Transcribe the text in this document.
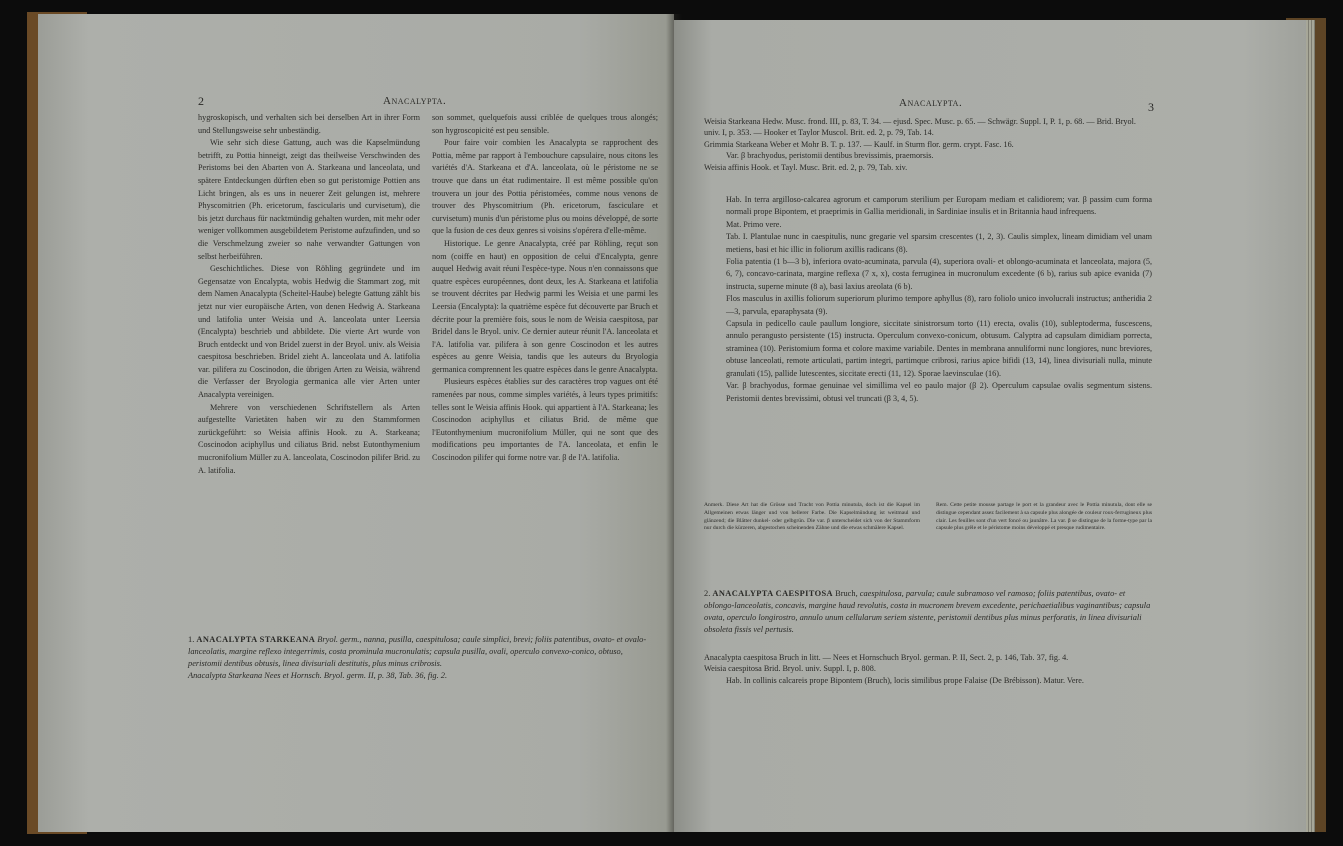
2	Anacalypta.

hygroskopisch, und verhalten sich bei derselben Art in ihrer Form und Stellungsweise sehr unbeständig.

Wie sehr sich diese Gattung, auch was die Kapselmündung betrifft, zu Pottia hinneigt, zeigt das theilweise Verschwinden des Peristoms bei den Abarten von A. Starkeana und lanceolata, und spätere Entdeckungen dürften eben so gut peristomige Pottien ans Licht bringen, als es uns in neuerer Zeit gelungen ist, mehrere Physcomitrien (Ph. ericetorum, fascicularis und curvisetum), die bis jetzt durchaus für nacktmündig gehalten wurden, mit mehr oder weniger vollkommen ausgebildetem Peristome aufzufinden, und so die Verschmelzung zweier so nahe verwandter Gattungen von selbst herbeiführen.

Geschichtliches. Diese von Röhling gegründete und im Gegensatze von Encalypta, wobis Hedwig die Stammart zog, mit dem Namen Anacalypta (Scheitel-Haube) belegte Gattung zählt bis jetzt nur vier europäische Arten, von denen Hedwig A. Starkeana und latifolia unter Weisia und A. lanceolata unter Leersia (Encalypta) beschrieb und abbildete. Die vierte Art wurde von Bruch entdeckt und von Bridel zuerst in der Bryol. univ. als Weisia caespitosa beschrieben. Bridel zieht A. lanceolata und A. latifolia var. pilifera zu Coscinodon, die übrigen Arten zu Weisia, während die Verfasser der Bryologia germanica alle vier Arten unter Anacalypta vereinigen.

Mehrere von verschiedenen Schriftstellern als Arten aufgestellte Varietäten haben wir zu den Stammformen zurückgeführt: so Weisia affinis Hook. zu A. Starkeana; Coscinodon aciphyllus und ciliatus Brid. nebst Eutonthymenium mucronifolium Müller zu A. lanceolata, Coscinodon pilifer Brid. zu A. latifolia.

son sommet, quelquefois aussi criblée de quelques trous alongés; son hygroscopicité est peu sensible.

Pour faire voir combien les Anacalypta se rapprochent des Pottia, même par rapport à l'embouchure capsulaire, nous citons les variétés d'A. Starkeana et d'A. lanceolata, où le péristome ne se trouve que dans un état rudimentaire. Il est même possible qu'on trouvera un jour des Pottia péristomées, comme nous venons de trouver des Physcomitrium (Ph. ericetorum, fasciculare et curvisetum) munis d'un péristome plus ou moins développé, de sorte que la fusion de ces deux genres si voisins s'opérera d'elle-même.

Historique. Le genre Anacalypta, créé par Röhling, reçut son nom (coiffe en haut) en opposition de celui d'Encalypta, genre auquel Hedwig avait réuni l'espèce-type. Nous n'en connaissons que quatre espèces européennes, dont deux, les A. Starkeana et latifolia se trouvent décrites par Hedwig parmi les Weisia et une parmi les Leersia (Encalypta): la quatrième espèce fut découverte par Bruch et décrite pour la première fois, sous le nom de Weisia caespitosa, par Bridel dans le Bryol. univ. Ce dernier auteur réunit l'A. lanceolata et l'A. latifolia var. pilifera à son genre Coscinodon et les autres espèces au genre Weisia, tandis que les auteurs du Bryologia germanica comprennent les quatre espèces dans le genre Anacalypta.

Plusieurs espèces établies sur des caractères trop vagues ont été ramenées par nous, comme simples variétés, à leurs types primitifs: telles sont le Weisia affinis Hook. qui appartient à l'A. Starkeana; les Coscinodon aciphyllus et ciliatus Brid. de même que l'Eutonthymenium mucronifolium Müller, qui ne sont que des modifications peu importantes de l'A. lanceolata, et enfin le Coscinodon pilifer qui forme notre var. β de l'A. latifolia.

1. ANACALYPTA STARKEANA Bryol. germ., nanna, pusilla, caespitulosa; caule simplici, brevi; foliis patentibus, ovato- et ovalo-lanceolatis, margine reflexo integerrimis, costa prominula mucronulatis; capsula pusilla, ovali, operculo convexo-conico, obtuso, peristomii dentibus obtusis, linea divisuriali destitutis, plus minus cribrosis.
Anacalypta Starkeana Nees et Hornsch. Bryol. germ. II, p. 38, Tab. 36, fig. 2.
Anacalypta.	3

Weisia Starkeana Hedw. Musc. frond. III, p. 83, T. 34. — ejusd. Spec. Musc. p. 65. — Schwägr. Suppl. I, P. 1, p. 68. — Brid. Bryol. univ. I, p. 353. — Hooker et Taylor Muscol. Brit. ed. 2, p. 79, Tab. 14.

Grimmia Starkeana Weber et Mohr B. T. p. 137. — Kaulf. in Sturm flor. germ. crypt. Fasc. 16.

Var. β brachyodus, peristomii dentibus brevissimis, praemorsis.

Weisia affinis Hook. et Tayl. Musc. Brit. ed. 2, p. 79, Tab. xiv.

Hab. In terra argilloso-calcarea agrorum et camporum sterilium per Europam mediam et calidiorem; var. β passim cum forma normali prope Bipontem, et praeprimis in Gallia meridionali, in Sardiniae insulis et in Britannia haud infrequens.

Mat. Primo vere.

Tab. I. Plantulae nunc in caespitulis, nunc gregarie vel sparsim crescentes (1, 2, 3). Caulis simplex, lineam dimidiam vel unam metiens, basi et hic illic in foliorum axillis radicans (8).

Folia patentia (1 b—3 b), inferiora ovato-acuminata, parvula (4), superiora ovali- et oblongo-acuminata et lanceolata, majora (5, 6, 7), concavo-carinata, margine reflexa (7 x, x), costa ferruginea in mucronulum excedente (6 b), rarius sub apice evanida (7) instructa, superne minute (8 a), basi laxius areolata (6 b).

Flos masculus in axillis foliorum superiorum plurimo tempore aphyllus (8), raro foliolo unico involucrali instructus; antheridia 2—3, parvula, eparaphysata (9).

Capsula in pedicello caule paullum longiore, siccitate sinistrorsum torto (11) erecta, ovalis (10), subleptoderma, fuscescens, annulo perangusto persistente (15) instructa. Operculum convexo-conicum, obtusum. Calyptra ad capsulam dimidiam porrecta, straminea (10). Peristomium forma et colore maxime variabile. Dentes in membrana annuliformi nunc longiores, nunc breviores, obtuse lanceolati, remote articulati, partim integri, partimque cribrosi, rarius apice bifidi (13, 14), linea divisuriali nulla, minute granulati (15), pallide lutescentes, siccitate erecti (11, 12). Sporae laevinsculae (16).

Var. β brachyodus, formae genuinae vel simillima vel eo paulo major (β 2). Operculum capsulae ovalis segmentum sistens. Peristomii dentes brevissimi, obtusi vel truncati (β 3, 4, 5).

Anmerk. Diese Art hat die Grösse und Tracht von Pottia minutula, doch ist die Kapsel im Allgemeinen etwas länger und von hellerer Farbe. Die Kapselmündung ist weitmaul und glänzend; die Blätter dunkel- oder gelbgrün. Die var. β unterscheidet sich von der Stammform nur durch die kürzeren, abgestochen scheinenden Zähne und die etwas schmälere Kapsel.

Rem. Cette petite mousse partage le port et la grandeur avec le Pottia minutula, dont elle se distingue cependant assez facilement à sa capsule plus alongée de couleur roux-ferrugineux plus clair. Les feuilles sont d'un vert foncé ou jaunâtre. La var. β se distingue de la forme-type par la capsule plus grêle et le péristome moins développé et presque rudimentaire.

2. ANACALYPTA CAESPITOSA Bruch, caespitulosa, parvula; caule subramoso vel ramoso; foliis patentibus, ovato- et oblongo-lanceolatis, concavis, margine haud revolutis, costa in mucronem brevem excedente, perichaetialibus vaginantibus; capsula ovata, operculo longirostro, annulo unum cellularum seriem sistente, peristomii dentibus plus minus perforatis, in linea divisuriali obsoleta fissis vel pertusis.

Anacalypta caespitosa Bruch in litt. — Nees et Hornschuch Bryol. german. P. II, Sect. 2, p. 146, Tab. 37, fig. 4.

Weisia caespitosa Brid. Bryol. univ. Suppl. I, p. 808.

Hab. In collinis calcareis prope Bipontem (Bruch), locis similibus prope Falaise (De Brébisson). Matur. Vere.
